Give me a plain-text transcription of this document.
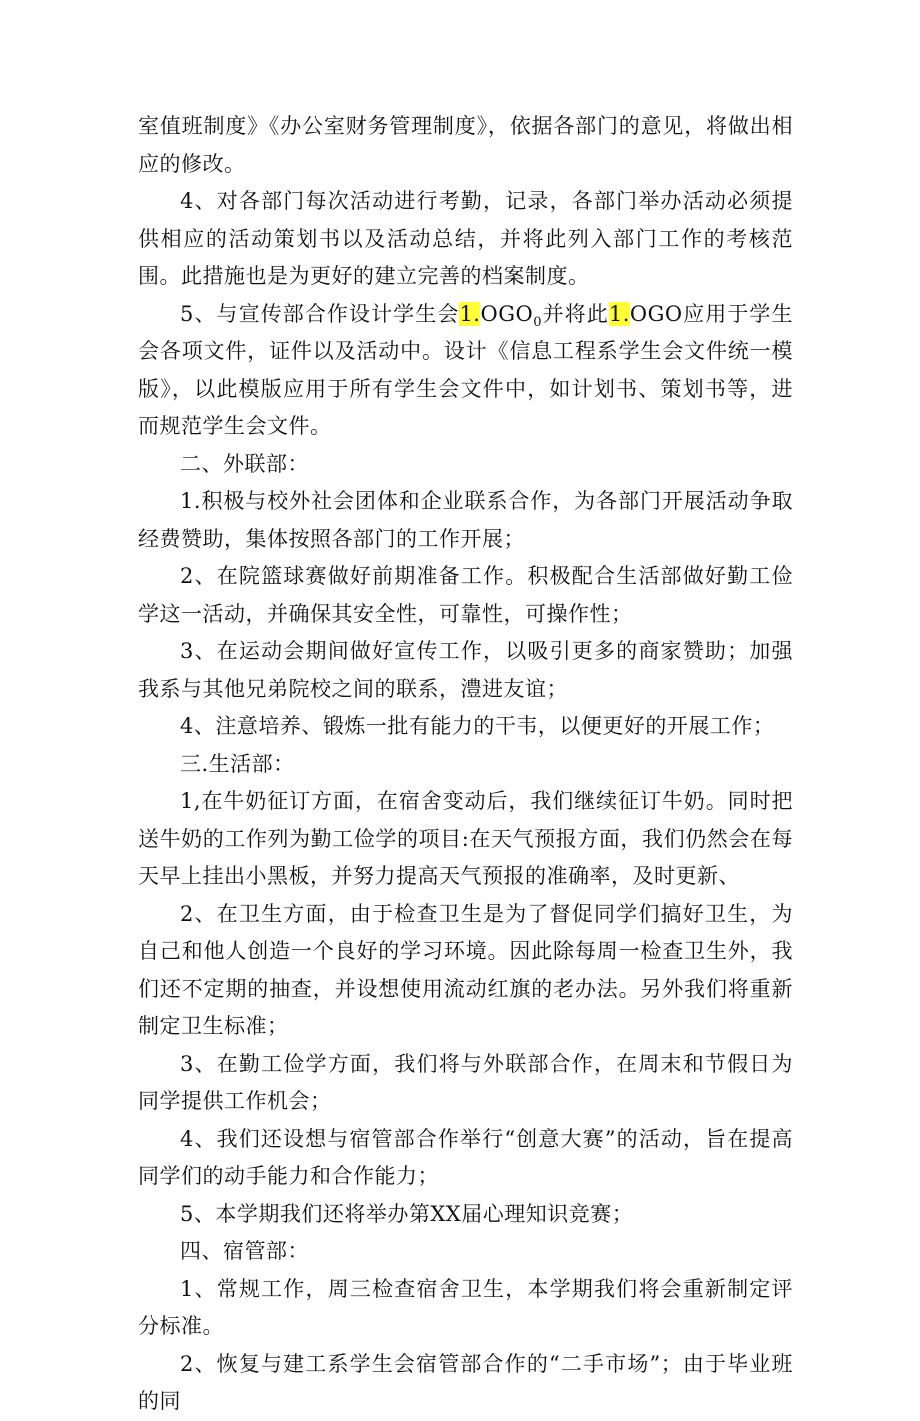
室值班制度》《办公室财务管理制度》，依据各部门的意见，将做出相应的修改。

4、对各部门每次活动进行考勤，记录，各部门举办活动必须提供相应的活动策划书以及活动总结，并将此列入部门工作的考核范围。此措施也是为更好的建立完善的档案制度。

5、与宣传部合作设计学生会$1.OGO_0$并将此1.OGO应用于学生会各项文件，证件以及活动中。设计《信息工程系学生会文件统一模版》，以此模版应用于所有学生会文件中，如计划书、策划书等，进而规范学生会文件。

二、外联部：

1.积极与校外社会团体和企业联系合作，为各部门开展活动争取经费赞助，集体按照各部门的工作开展；

2、在院篮球赛做好前期准备工作。积极配合生活部做好勤工俭学这一活动，并确保其安全性，可靠性，可操作性；

3、在运动会期间做好宣传工作，以吸引更多的商家赞助；加强我系与其他兄弟院校之间的联系，澧进友谊；

4、注意培养、锻炼一批有能力的干韦，以便更好的开展工作；

三.生活部：

1,在牛奶征订方面，在宿舍变动后，我们继续征订牛奶。同时把送牛奶的工作列为勤工俭学的项目:在天气预报方面，我们仍然会在每天早上挂出小黑板，并努力提高天气预报的准确率，及时更新、

2、在卫生方面，由于检查卫生是为了督促同学们搞好卫生，为自己和他人创造一个良好的学习环境。因此除每周一检查卫生外，我们还不定期的抽查，并设想使用流动红旗的老办法。另外我们将重新制定卫生标准；

3、在勤工俭学方面，我们将与外联部合作，在周末和节假日为同学提供工作机会；

4、我们还设想与宿管部合作举行“创意大赛”的活动，旨在提高同学们的动手能力和合作能力；

5、本学期我们还将举办第XX届心理知识竞赛；

四、宿管部：

1、常规工作，周三检查宿舍卫生，本学期我们将会重新制定评分标准。

2、恢复与建工系学生会宿管部合作的“二手市场”；由于毕业班的同
